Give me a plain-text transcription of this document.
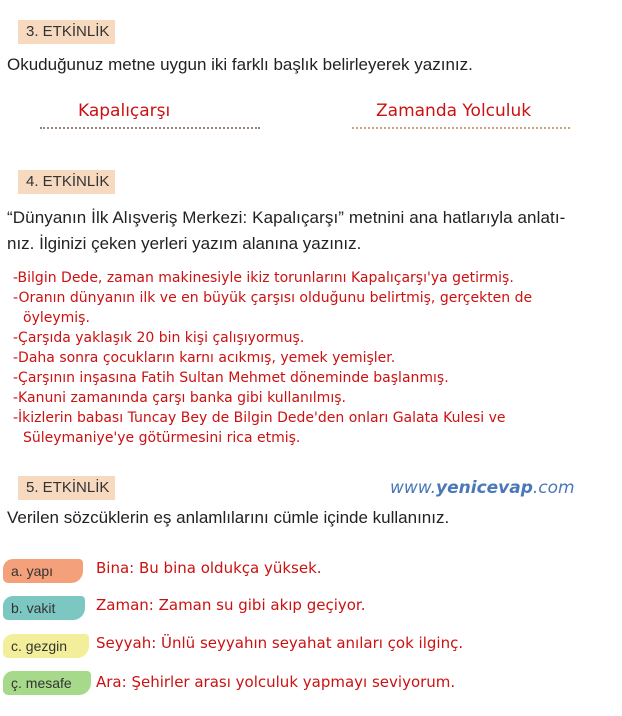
3. ETKİNLİK
Okuduğunuz metne uygun iki farklı başlık belirleyerek yazınız.
Kapalıçarşı	Zamanda Yolculuk
4. ETKİNLİK
“Dünyanın İlk Alışveriş Merkezi: Kapalıçarşı” metnini ana hatlarıyla anlatı-
nız. İlginizi çeken yerleri yazım alanına yazınız.
-Bilgin Dede, zaman makinesiyle ikiz torunlarını Kapalıçarşı'ya getirmiş.
-Oranın dünyanın ilk ve en büyük çarşısı olduğunu belirtmiş, gerçekten de
öyleymiş.
-Çarşıda yaklaşık 20 bin kişi çalışıyormuş.
-Daha sonra çocukların karnı acıkmış, yemek yemişler.
-Çarşının inşasına Fatih Sultan Mehmet döneminde başlanmış.
-Kanuni zamanında çarşı banka gibi kullanılmış.
-İkizlerin babası Tuncay Bey de Bilgin Dede'den onları Galata Kulesi ve
Süleymaniye'ye götürmesini rica etmiş.
5. ETKİNLİK	www.yenicevap.com
Verilen sözcüklerin eş anlamlılarını cümle içinde kullanınız.
a. yapı	Bina: Bu bina oldukça yüksek.
b. vakit	Zaman: Zaman su gibi akıp geçiyor.
c. gezgin	Seyyah: Ünlü seyyahın seyahat anıları çok ilginç.
ç. mesafe	Ara: Şehirler arası yolculuk yapmayı seviyorum.
